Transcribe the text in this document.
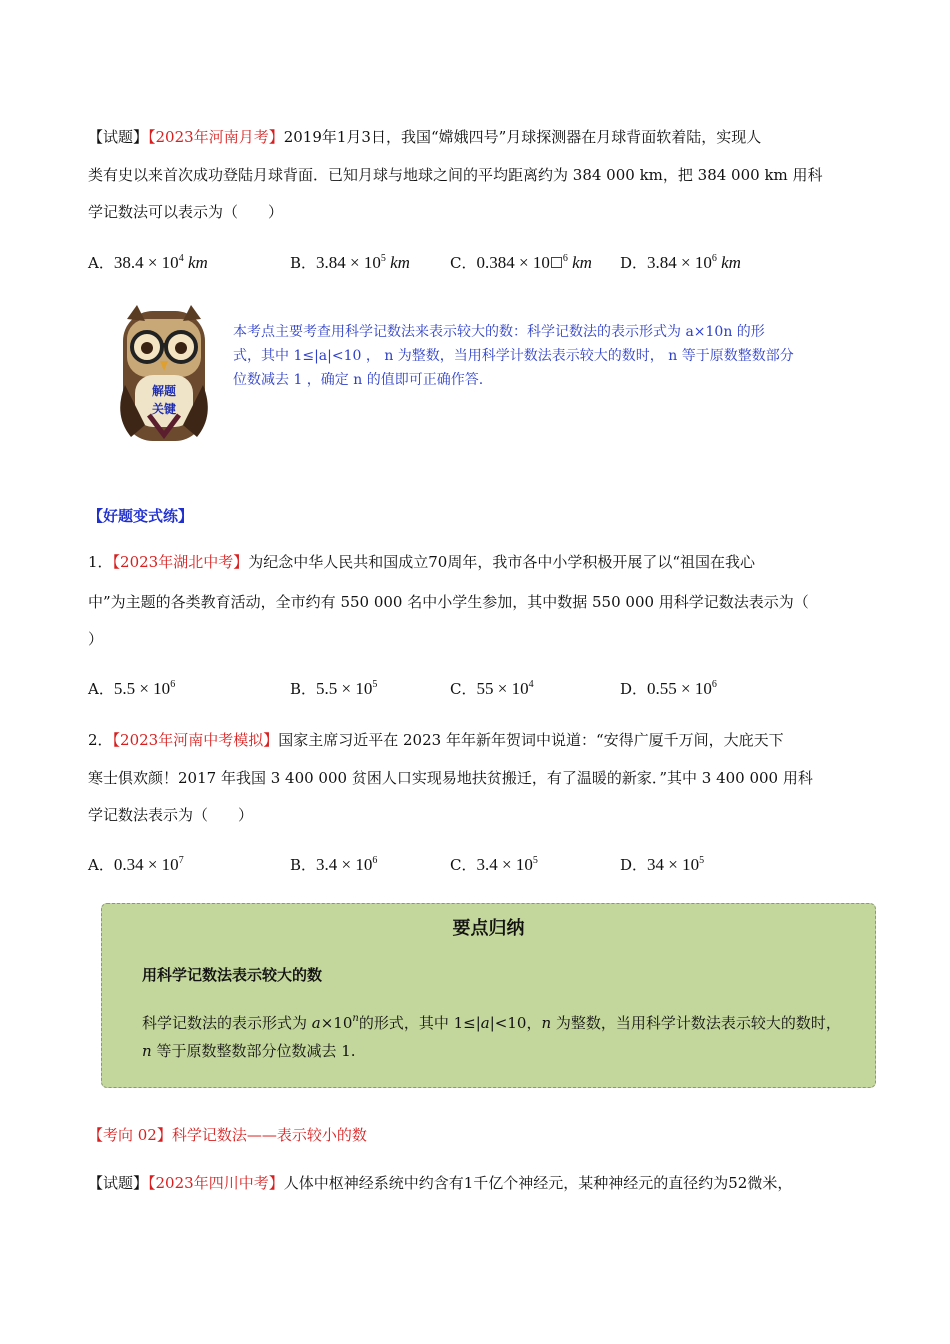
【试题】【2023年河南月考】2019年1月3日，我国“嫦娥四号”月球探测器在月球背面软着陆，实现人
类有史以来首次成功登陆月球背面．已知月球与地球之间的平均距离约为 384 000 km，把 384 000 km 用科
学记数法可以表示为（　　）
A．$38.4 \times 10^4$ km	B．$3.84 \times 10^5$ km	C．0.384 × 10 $^6$ km D．$3.84 \times 10^6$ km
解题
关键
本考点主要考查用科学记数法来表示较大的数：科学记数法的表示形式为 a×10n 的形
式，其中 1≤|a|<10 ， n 为整数，当用科学计数法表示较大的数时， n 等于原数整数部分
位数减去 1 ，确定 n 的值即可正确作答.
【好题变式练】
1．【2023年湖北中考】为纪念中华人民共和国成立70周年，我市各中小学积极开展了以“祖国在我心
中”为主题的各类教育活动，全市约有 550 000 名中小学生参加，其中数据 550 000 用科学记数法表示为（
）
A．$5.5 \times 10^6$	B．$5.5 \times 10^5$	C．$55 \times 10^4$	D．$0.55 \times 10^6$
2．【2023年河南中考模拟】国家主席习近平在 2023 年年新年贺词中说道：“安得广厦千万间，大庇天下
寒士俱欢颜！2017 年我国 3 400 000 贫困人口实现易地扶贫搬迁，有了温暖的新家．”其中 3 400 000 用科
学记数法表示为（　　）
A．$0.34 \times 10^7$	B．$3.4 \times 10^6$	C．$3.4 \times 10^5$	D．$34 \times 10^5$
要点归纳
用科学记数法表示较大的数
科学记数法的表示形式为 $a\times 10^n$的形式，其中 1≤|a|<10，n 为整数，当用科学计数法表示较大的数时，
n 等于原数整数部分位数减去 1.
【考向 02】科学记数法——表示较小的数
【试题】【2023年四川中考】人体中枢神经系统中约含有1千亿个神经元，某种神经元的直径约为52微米，
